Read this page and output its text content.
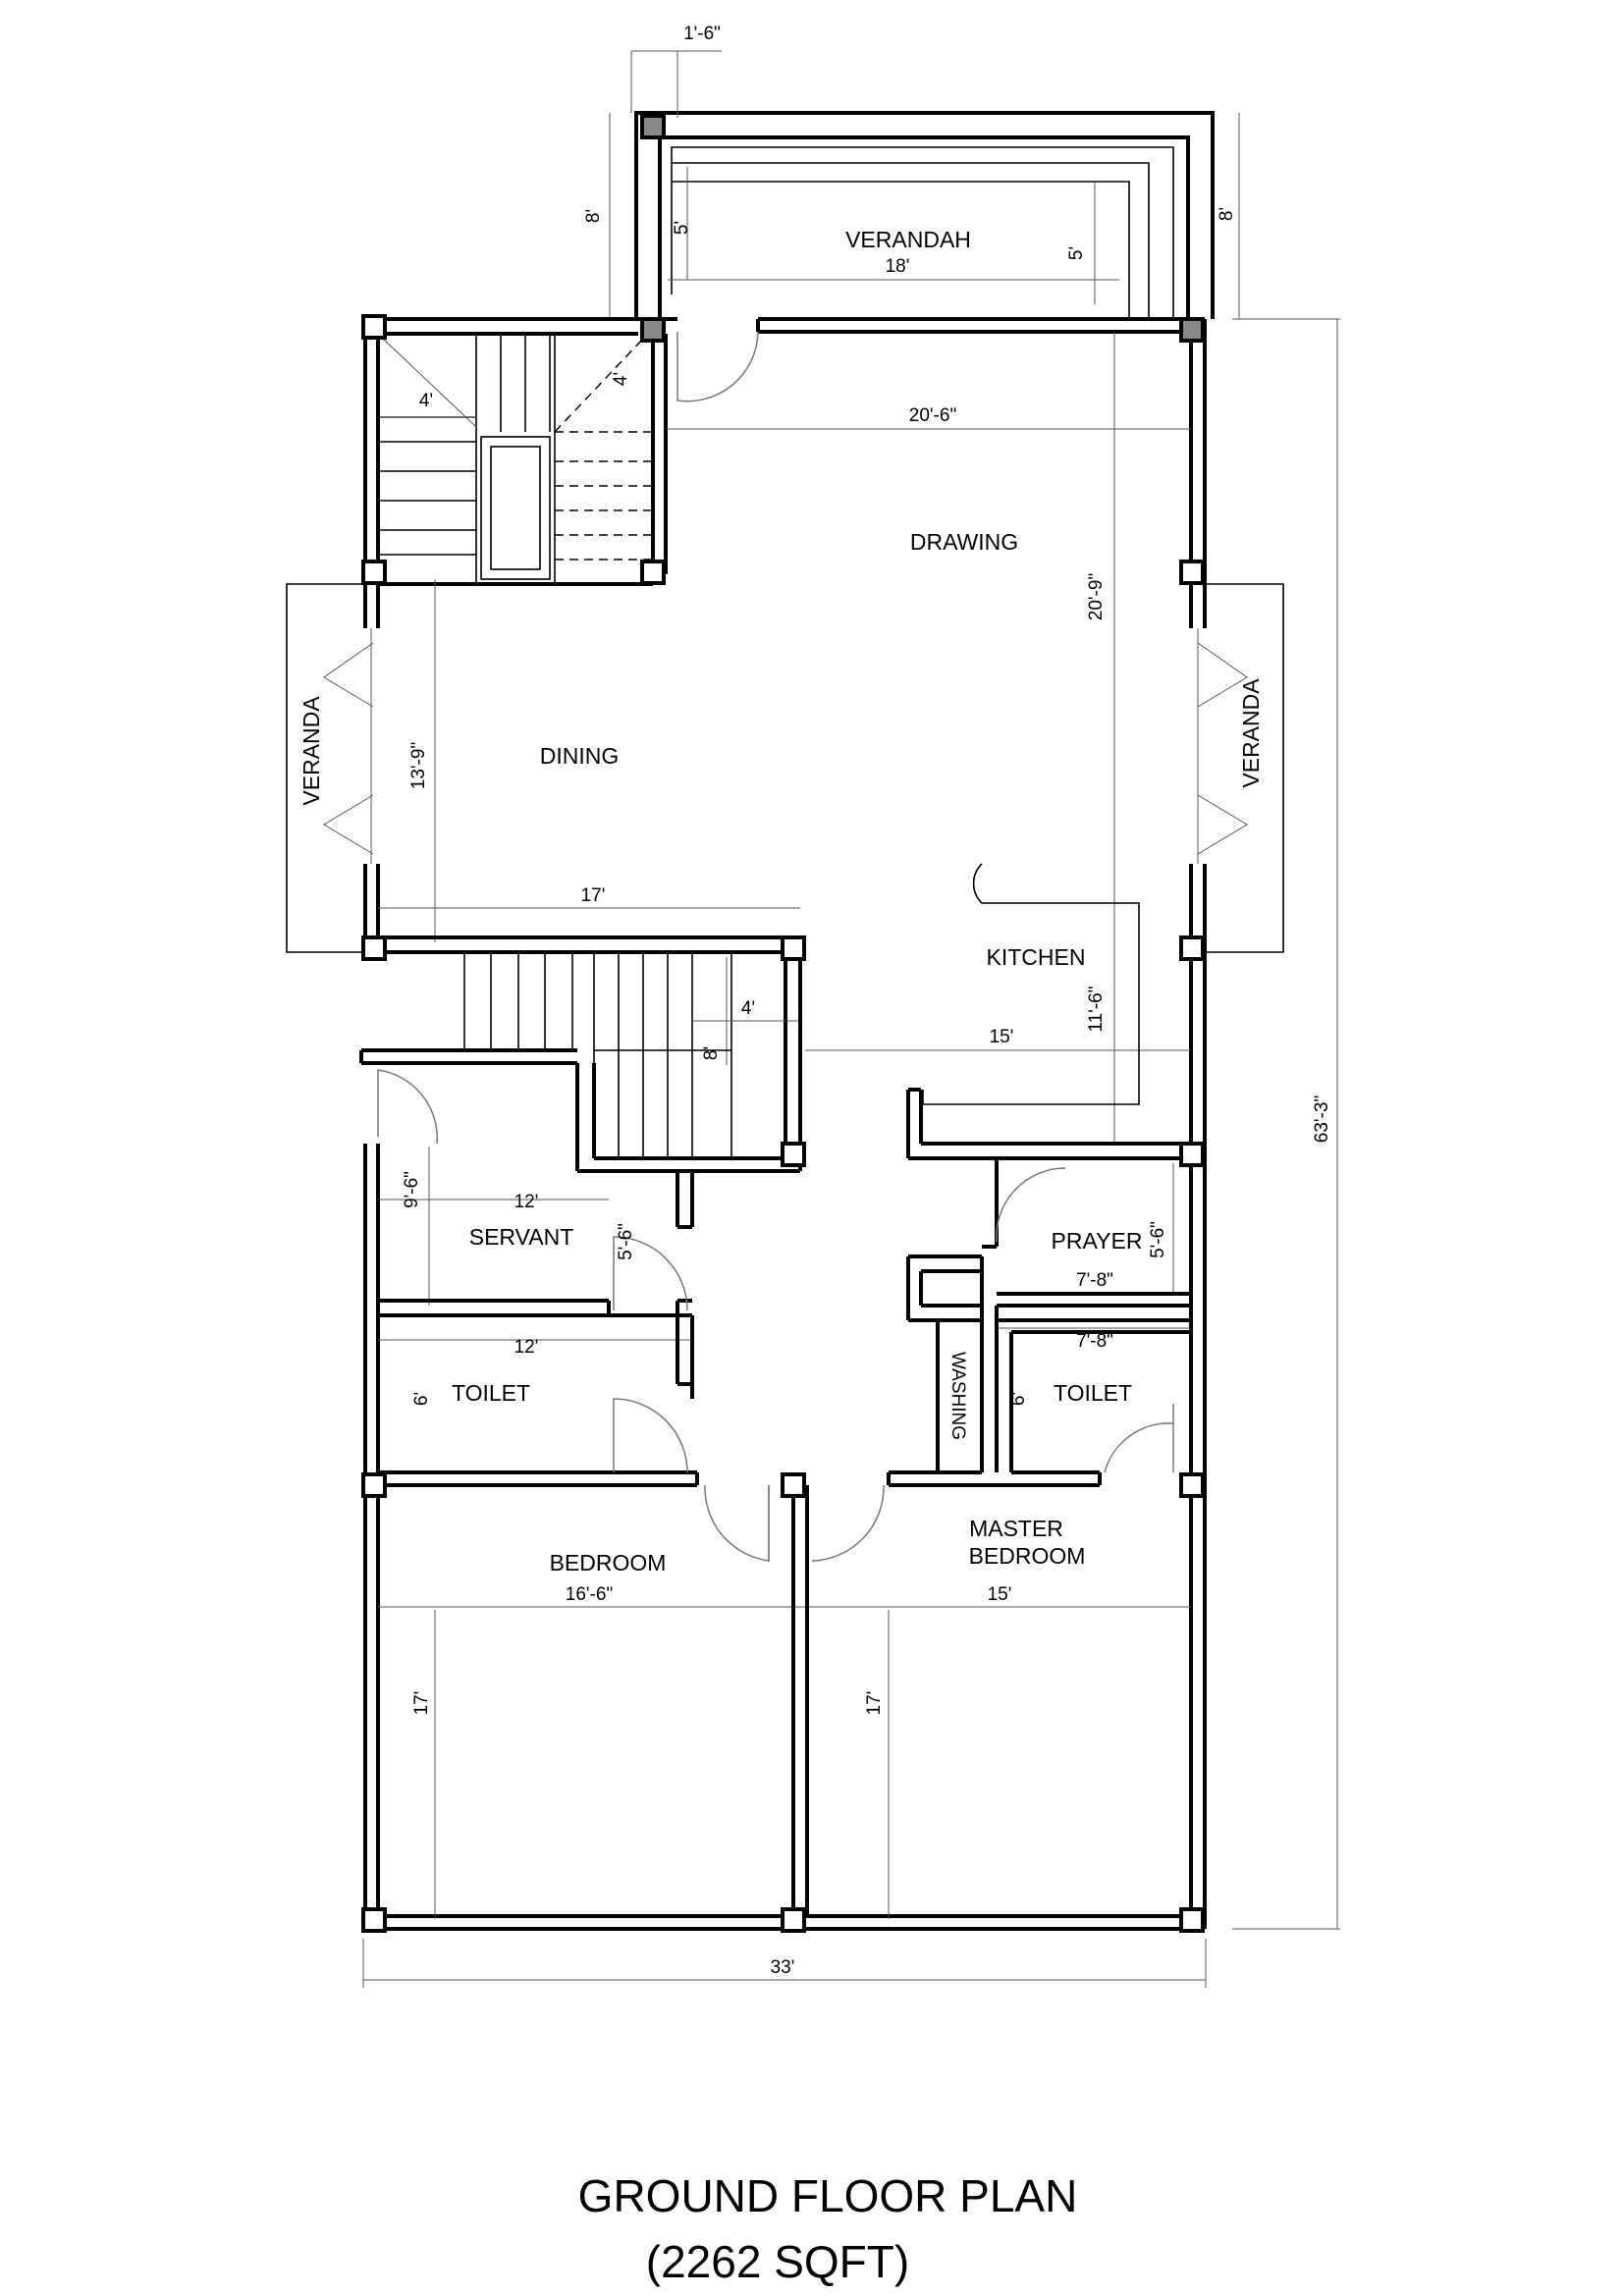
VERANDAH
DRAWING
DINING
VERANDA	VERANDA
KITCHEN
SERVANT	PRAYER
WASHING
TOILET	TOILET
BEDROOM
MASTER
BEDROOM
1'-6"
8'	8'
5'
5'
18'
4'
4'
20'-6"
20'-9"
13'-9"
17'
11'-6"
15'
4'
8'
9'-6"	12'
5'-6"	5'-6"
7'-8"
12'
6'
7'-8"
6'
16'-6"
17'
15'
17'
63'-3"
33'
GROUND FLOOR PLAN
(2262 SQFT)
